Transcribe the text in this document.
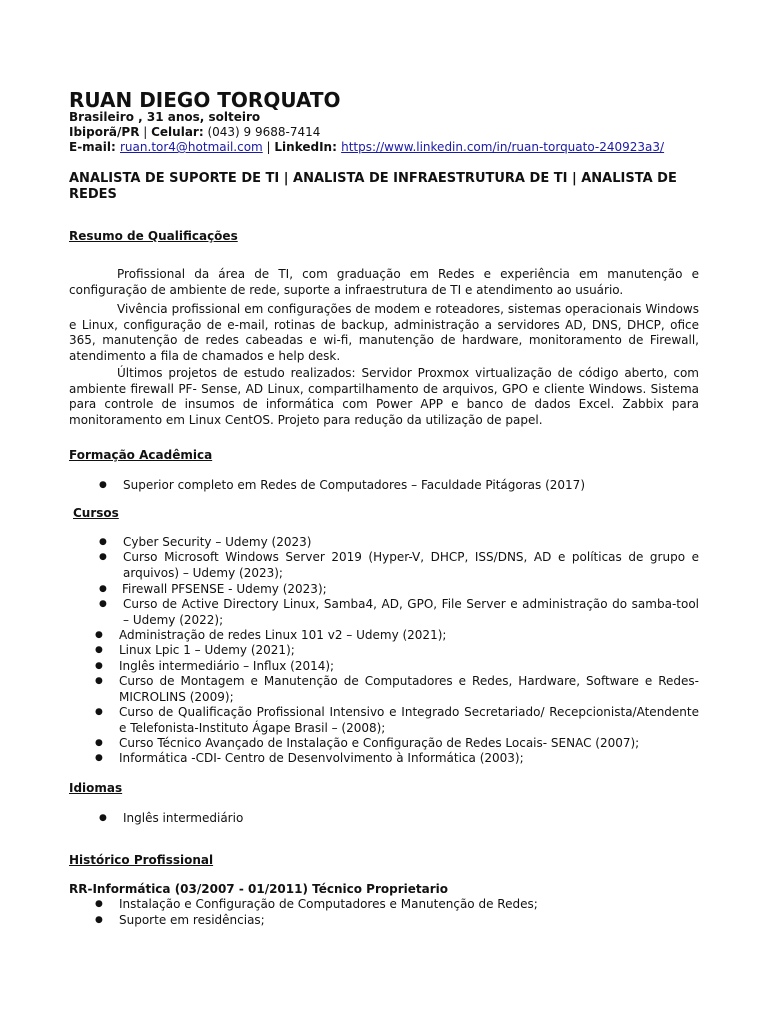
RUAN DIEGO TORQUATO
Brasileiro , 31 anos, solteiro
Ibiporã/PR | Celular: (043) 9 9688-7414
E-mail: ruan.tor4@hotmail.com | LinkedIn: https://www.linkedin.com/in/ruan-torquato-240923a3/
ANALISTA DE SUPORTE DE TI | ANALISTA DE INFRAESTRUTURA DE TI | ANALISTA DE REDES
Resumo de Qualificações

Profissional da área de TI, com graduação em Redes e experiência em manutenção e configuração de ambiente de rede, suporte a infraestrutura de TI e atendimento ao usuário.

Vivência profissional em configurações de modem e roteadores, sistemas operacionais Windows e Linux, configuração de e-mail, rotinas de backup, administração a servidores AD, DNS, DHCP, ofice 365, manutenção de redes cabeadas e wi-fi, manutenção de hardware, monitoramento de Firewall, atendimento a fila de chamados e help desk.

Últimos projetos de estudo realizados: Servidor Proxmox virtualização de código aberto, com ambiente firewall PF- Sense, AD Linux, compartilhamento de arquivos, GPO e cliente Windows. Sistema para controle de insumos de informática com Power APP e banco de dados Excel. Zabbix para monitoramento em Linux CentOS. Projeto para redução da utilização de papel.

Formação Acadêmica
● Superior completo em Redes de Computadores – Faculdade Pitágoras (2017)
Cursos
● Cyber Security – Udemy (2023)
● Curso Microsoft Windows Server 2019 (Hyper-V, DHCP, ISS/DNS, AD e políticas de grupo e arquivos) – Udemy (2023);
● Firewall PFSENSE - Udemy (2023);
● Curso de Active Directory Linux, Samba4, AD, GPO, File Server e administração do samba-tool – Udemy (2022);
● Administração de redes Linux 101 v2 – Udemy (2021);
● Linux Lpic 1 – Udemy (2021);
● Inglês intermediário – Influx (2014);
● Curso de Montagem e Manutenção de Computadores e Redes, Hardware, Software e Redes- MICROLINS (2009);
● Curso de Qualificação Profissional Intensivo e Integrado Secretariado/ Recepcionista/Atendente e Telefonista-Instituto Ágape Brasil – (2008);
● Curso Técnico Avançado de Instalação e Configuração de Redes Locais- SENAC (2007);
● Informática -CDI- Centro de Desenvolvimento à Informática (2003);
Idiomas
● Inglês intermediário
Histórico Profissional
RR-Informática (03/2007 - 01/2011) Técnico Proprietario
● Instalação e Configuração de Computadores e Manutenção de Redes;
● Suporte em residências;
